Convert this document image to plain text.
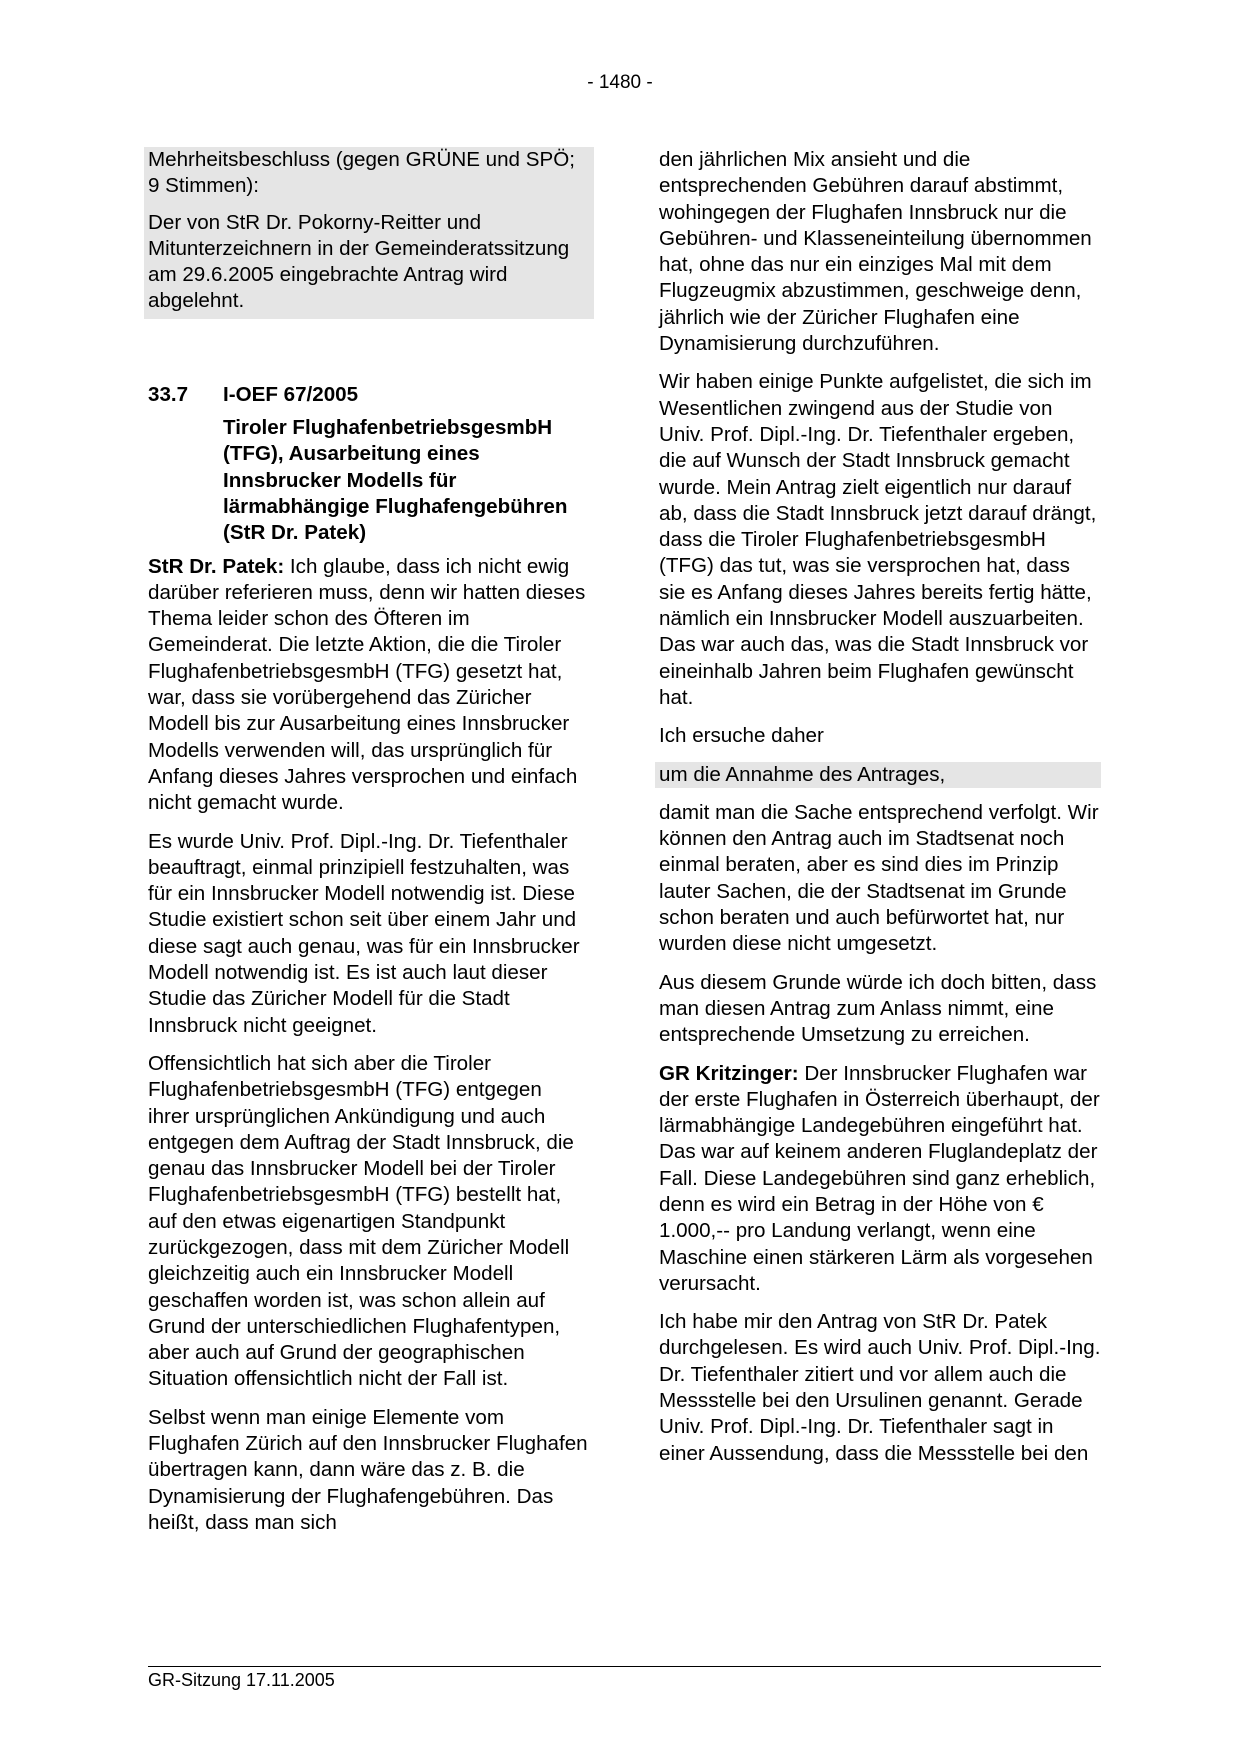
- 1480 -

Mehrheitsbeschluss (gegen GRÜNE und SPÖ; 9 Stimmen):

Der von StR Dr. Pokorny-Reitter und Mitunterzeichnern in der Gemeinderatssitzung am 29.6.2005 eingebrachte Antrag wird abgelehnt.

33.7	I-OEF 67/2005
Tiroler FlughafenbetriebsgesmbH (TFG), Ausarbeitung eines Innsbrucker Modells für lärmabhängige Flughafengebühren (StR Dr. Patek)

StR Dr. Patek: Ich glaube, dass ich nicht ewig darüber referieren muss, denn wir hatten dieses Thema leider schon des Öfteren im Gemeinderat. Die letzte Aktion, die die Tiroler FlughafenbetriebsgesmbH (TFG) gesetzt hat, war, dass sie vorübergehend das Züricher Modell bis zur Ausarbeitung eines Innsbrucker Modells verwenden will, das ursprünglich für Anfang dieses Jahres versprochen und einfach nicht gemacht wurde.

Es wurde Univ. Prof. Dipl.-Ing. Dr. Tiefenthaler beauftragt, einmal prinzipiell festzuhalten, was für ein Innsbrucker Modell notwendig ist. Diese Studie existiert schon seit über einem Jahr und diese sagt auch genau, was für ein Innsbrucker Modell notwendig ist. Es ist auch laut dieser Studie das Züricher Modell für die Stadt Innsbruck nicht geeignet.

Offensichtlich hat sich aber die Tiroler FlughafenbetriebsgesmbH (TFG) entgegen ihrer ursprünglichen Ankündigung und auch entgegen dem Auftrag der Stadt Innsbruck, die genau das Innsbrucker Modell bei der Tiroler FlughafenbetriebsgesmbH (TFG) bestellt hat, auf den etwas eigenartigen Standpunkt zurückgezogen, dass mit dem Züricher Modell gleichzeitig auch ein Innsbrucker Modell geschaffen worden ist, was schon allein auf Grund der unterschiedlichen Flughafentypen, aber auch auf Grund der geographischen Situation offensichtlich nicht der Fall ist.

Selbst wenn man einige Elemente vom Flughafen Zürich auf den Innsbrucker Flughafen übertragen kann, dann wäre das z. B. die Dynamisierung der Flughafengebühren. Das heißt, dass man sich

den jährlichen Mix ansieht und die entsprechenden Gebühren darauf abstimmt, wohingegen der Flughafen Innsbruck nur die Gebühren- und Klasseneinteilung übernommen hat, ohne das nur ein einziges Mal mit dem Flugzeugmix abzustimmen, geschweige denn, jährlich wie der Züricher Flughafen eine Dynamisierung durchzuführen.

Wir haben einige Punkte aufgelistet, die sich im Wesentlichen zwingend aus der Studie von Univ. Prof. Dipl.-Ing. Dr. Tiefenthaler ergeben, die auf Wunsch der Stadt Innsbruck gemacht wurde. Mein Antrag zielt eigentlich nur darauf ab, dass die Stadt Innsbruck jetzt darauf drängt, dass die Tiroler FlughafenbetriebsgesmbH (TFG) das tut, was sie versprochen hat, dass sie es Anfang dieses Jahres bereits fertig hätte, nämlich ein Innsbrucker Modell auszuarbeiten. Das war auch das, was die Stadt Innsbruck vor eineinhalb Jahren beim Flughafen gewünscht hat.

Ich ersuche daher

um die Annahme des Antrages,

damit man die Sache entsprechend verfolgt. Wir können den Antrag auch im Stadtsenat noch einmal beraten, aber es sind dies im Prinzip lauter Sachen, die der Stadtsenat im Grunde schon beraten und auch befürwortet hat, nur wurden diese nicht umgesetzt.

Aus diesem Grunde würde ich doch bitten, dass man diesen Antrag zum Anlass nimmt, eine entsprechende Umsetzung zu erreichen.

GR Kritzinger: Der Innsbrucker Flughafen war der erste Flughafen in Österreich überhaupt, der lärmabhängige Landegebühren eingeführt hat. Das war auf keinem anderen Fluglandeplatz der Fall. Diese Landegebühren sind ganz erheblich, denn es wird ein Betrag in der Höhe von € 1.000,-- pro Landung verlangt, wenn eine Maschine einen stärkeren Lärm als vorgesehen verursacht.

Ich habe mir den Antrag von StR Dr. Patek durchgelesen. Es wird auch Univ. Prof. Dipl.-Ing. Dr. Tiefenthaler zitiert und vor allem auch die Messstelle bei den Ursulinen genannt. Gerade Univ. Prof. Dipl.-Ing. Dr. Tiefenthaler sagt in einer Aussendung, dass die Messstelle bei den

GR-Sitzung 17.11.2005
